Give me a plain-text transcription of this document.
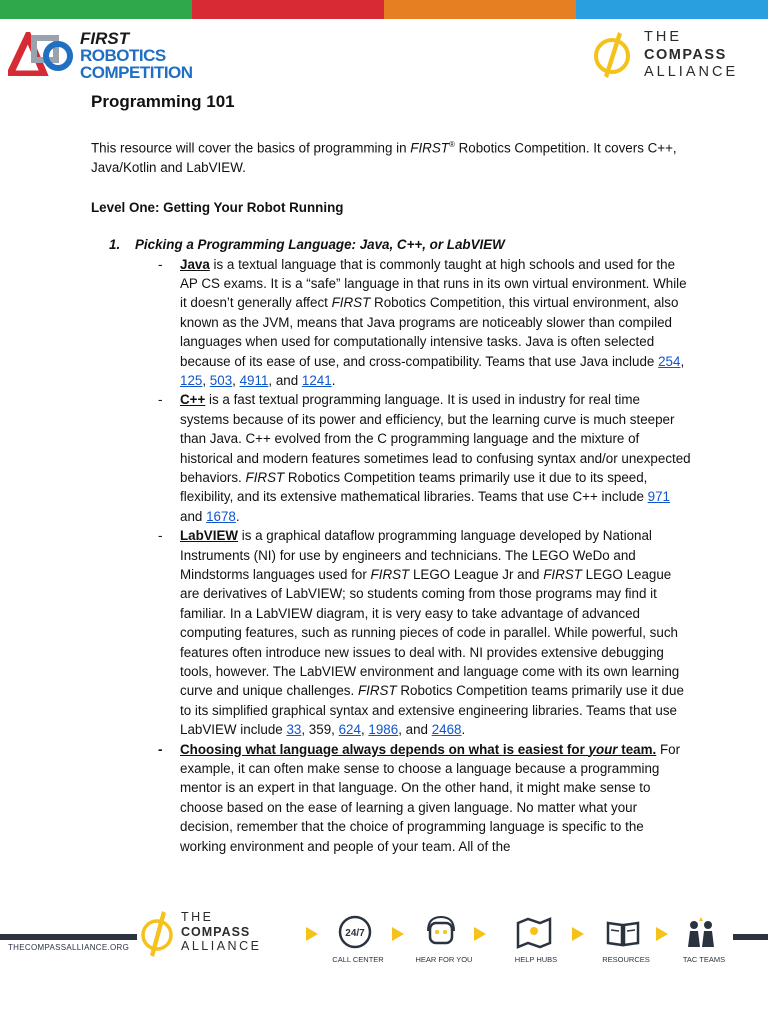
FIRST
ROBOTICS
COMPETITION
THE
COMPASS
ALLIANCE
Programming 101

This resource will cover the basics of programming in FIRST® Robotics Competition. It covers C++, Java/Kotlin and LabVIEW.

Level One: Getting Your Robot Running
1. Picking a Programming Language: Java, C++, or LabVIEW
- Java is a textual language that is commonly taught at high schools and used for the AP CS exams. It is a “safe” language in that runs in its own virtual environment. While it doesn’t generally affect FIRST Robotics Competition, this virtual environment, also known as the JVM, means that Java programs are noticeably slower than compiled languages when used for computationally intensive tasks. Java is often selected because of its ease of use, and cross-compatibility. Teams that use Java include 254, 125, 503, 4911, and 1241.
- C++ is a fast textual programming language. It is used in industry for real time systems because of its power and efficiency, but the learning curve is much steeper than Java. C++ evolved from the C programming language and the mixture of historical and modern features sometimes lead to confusing syntax and/or unexpected behaviors. FIRST Robotics Competition teams primarily use it due to its speed, flexibility, and its extensive mathematical libraries. Teams that use C++ include 971 and 1678.
- LabVIEW is a graphical dataflow programming language developed by National Instruments (NI) for use by engineers and technicians. The LEGO WeDo and Mindstorms languages used for FIRST LEGO League Jr and FIRST LEGO League are derivatives of LabVIEW; so students coming from those programs may find it familiar. In a LabVIEW diagram, it is very easy to take advantage of advanced computing features, such as running pieces of code in parallel. While powerful, such features often introduce new issues to deal with. NI provides extensive debugging tools, however. The LabVIEW environment and language come with its own learning curve and unique challenges. FIRST Robotics Competition teams primarily use it due to its simplified graphical syntax and extensive engineering libraries. Teams that use LabVIEW include 33, 359, 624, 1986, and 2468.
- Choosing what language always depends on what is easiest for your team. For example, it can often make sense to choose a language because a programming mentor is an expert in that language. On the other hand, it might make sense to choose based on the ease of learning a given language. No matter what your decision, remember that the choice of programming language is specific to the working environment and people of your team. All of the
THECOMPASSALLIANCE.ORG
THE
COMPASS
ALLIANCE
24/7
CALL CENTER	HEAR FOR YOU	HELP HUBS	RESOURCES	TAC TEAMS
